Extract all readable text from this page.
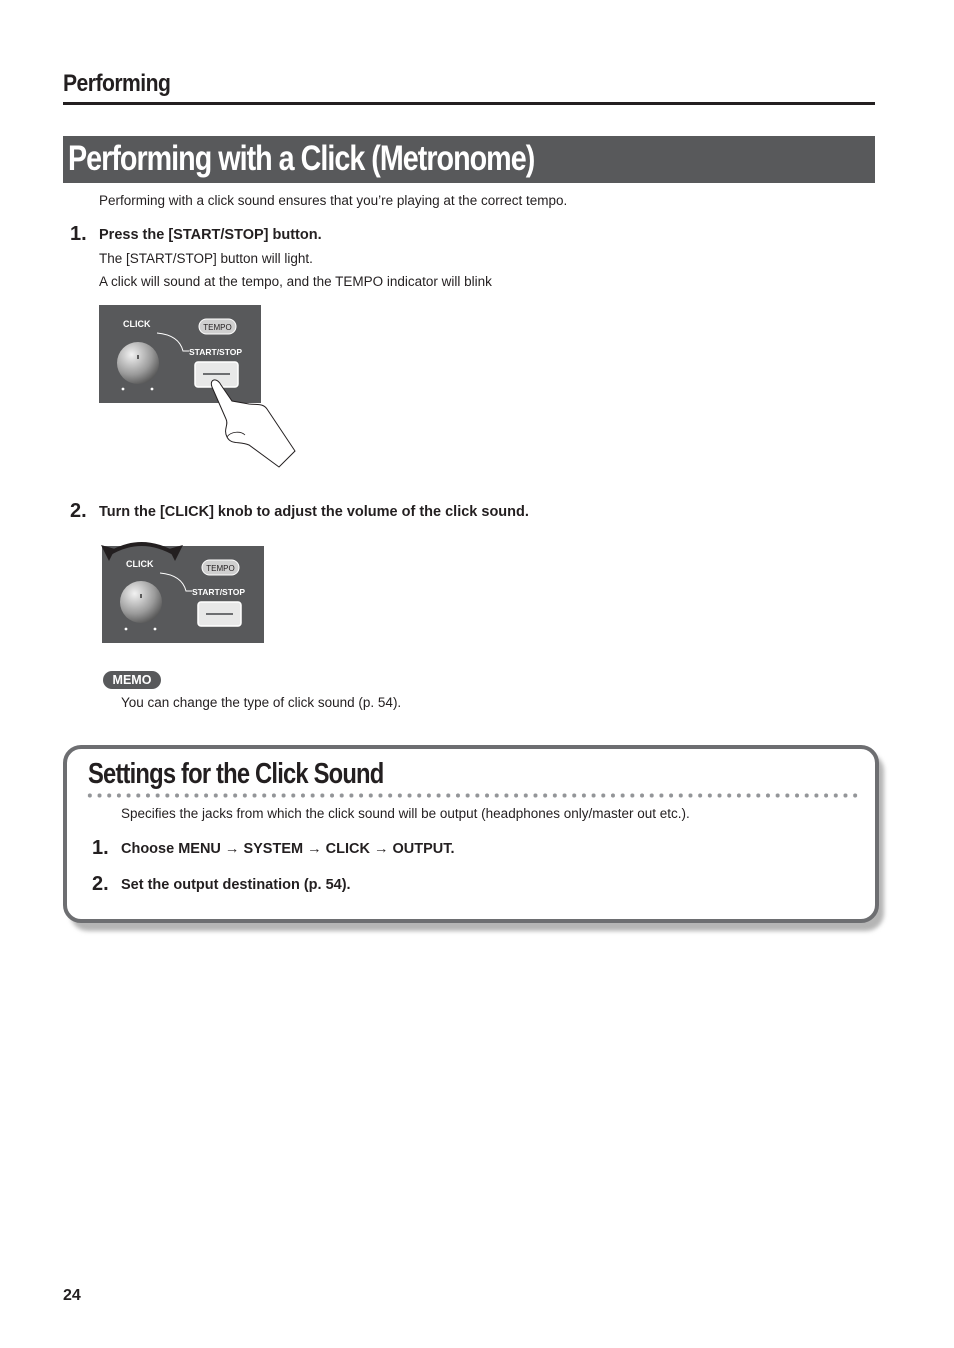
Performing
Performing with a Click (Metronome)
Performing with a click sound ensures that you’re playing at the correct tempo.
1. Press the [START/STOP] button.
The [START/STOP] button will light.
A click will sound at the tempo, and the TEMPO indicator will blink
CLICK	TEMPO
START/STOP
2. Turn the [CLICK] knob to adjust the volume of the click sound.
CLICK	TEMPO
START/STOP
MEMO
You can change the type of click sound (p. 54).
Settings for the Click Sound
Specifies the jacks from which the click sound will be output (headphones only/master out etc.).
1. Choose MENU → SYSTEM → CLICK → OUTPUT.
2. Set the output destination (p. 54).
24
